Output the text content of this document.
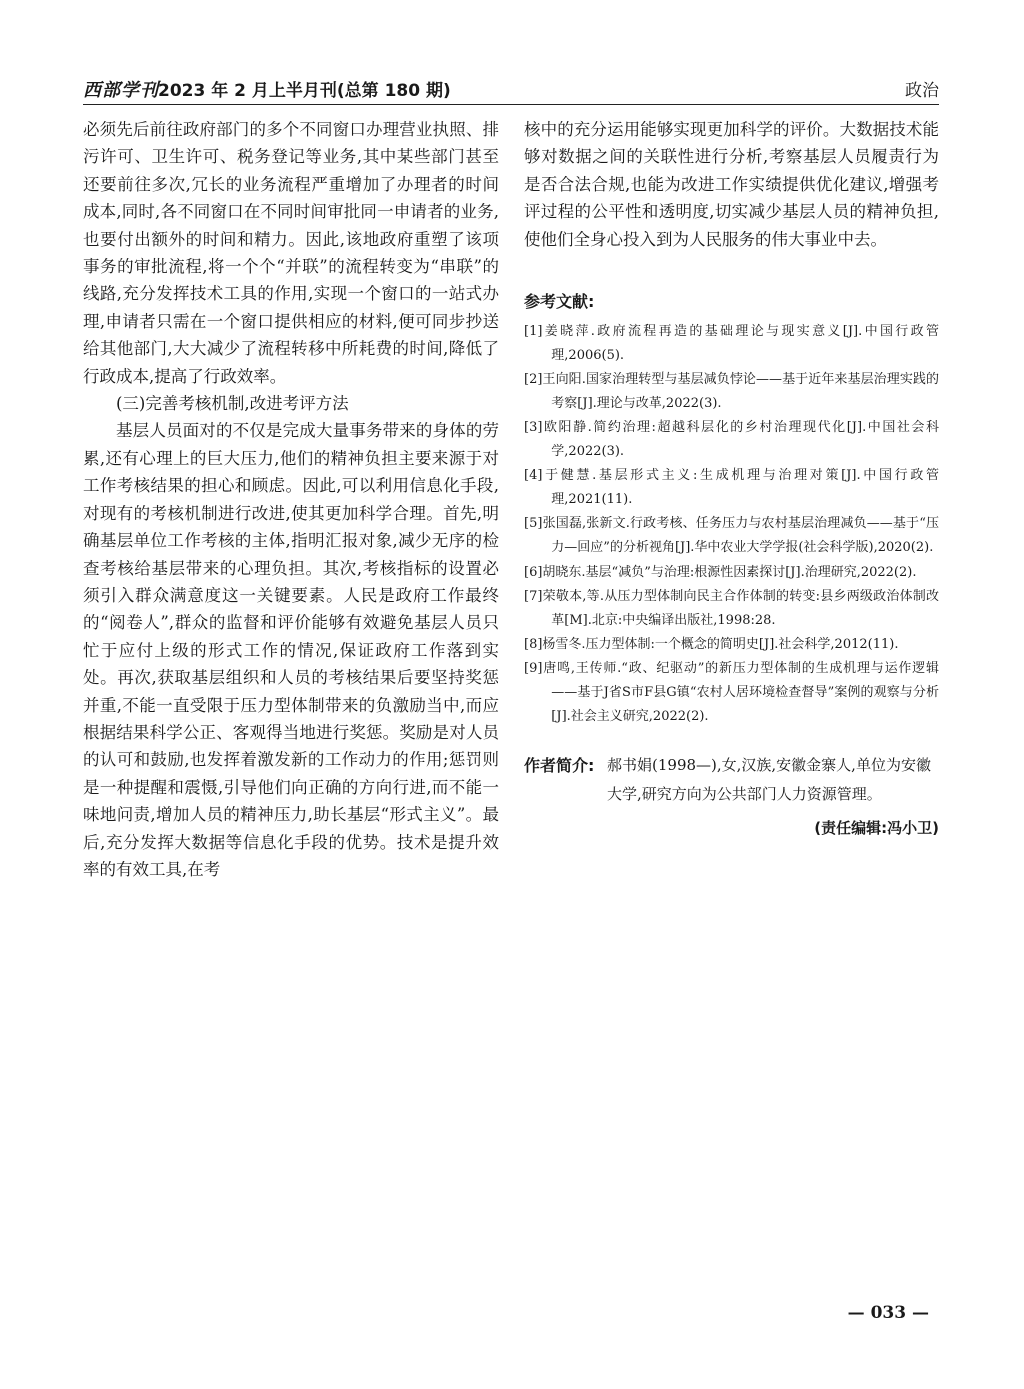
西部学刊 2023 年 2 月上半月刊(总第 180 期)	政治

必须先后前往政府部门的多个不同窗口办理营业执照、排污许可、卫生许可、税务登记等业务,其中某些部门甚至还要前往多次,冗长的业务流程严重增加了办理者的时间成本,同时,各不同窗口在不同时间审批同一申请者的业务,也要付出额外的时间和精力。因此,该地政府重塑了该项事务的审批流程,将一个个“并联”的流程转变为“串联”的线路,充分发挥技术工具的作用,实现一个窗口的一站式办理,申请者只需在一个窗口提供相应的材料,便可同步抄送给其他部门,大大减少了流程转移中所耗费的时间,降低了行政成本,提高了行政效率。

(三)完善考核机制,改进考评方法

基层人员面对的不仅是完成大量事务带来的身体的劳累,还有心理上的巨大压力,他们的精神负担主要来源于对工作考核结果的担心和顾虑。因此,可以利用信息化手段,对现有的考核机制进行改进,使其更加科学合理。首先,明确基层单位工作考核的主体,指明汇报对象,减少无序的检查考核给基层带来的心理负担。其次,考核指标的设置必须引入群众满意度这一关键要素。人民是政府工作最终的“阅卷人”,群众的监督和评价能够有效避免基层人员只忙于应付上级的形式工作的情况,保证政府工作落到实处。再次,获取基层组织和人员的考核结果后要坚持奖惩并重,不能一直受限于压力型体制带来的负激励当中,而应根据结果科学公正、客观得当地进行奖惩。奖励是对人员的认可和鼓励,也发挥着激发新的工作动力的作用;惩罚则是一种提醒和震慑,引导他们向正确的方向行进,而不能一味地问责,增加人员的精神压力,助长基层“形式主义”。最后,充分发挥大数据等信息化手段的优势。技术是提升效率的有效工具,在考

核中的充分运用能够实现更加科学的评价。大数据技术能够对数据之间的关联性进行分析,考察基层人员履责行为是否合法合规,也能为改进工作实绩提供优化建议,增强考评过程的公平性和透明度,切实减少基层人员的精神负担,使他们全身心投入到为人民服务的伟大事业中去。

参考文献:
[1]姜晓萍.政府流程再造的基础理论与现实意义[J].中国行政管理,2006(5).
[2]王向阳.国家治理转型与基层减负悖论——基于近年来基层治理实践的考察[J].理论与改革,2022(3).
[3]欧阳静.简约治理:超越科层化的乡村治理现代化[J].中国社会科学,2022(3).
[4]于健慧.基层形式主义:生成机理与治理对策[J].中国行政管理,2021(11).
[5]张国磊,张新文.行政考核、任务压力与农村基层治理减负——基于“压力—回应”的分析视角[J].华中农业大学学报(社会科学版),2020(2).
[6]胡晓东.基层“减负”与治理:根源性因素探讨[J].治理研究,2022(2).
[7]荣敬本,等.从压力型体制向民主合作体制的转变:县乡两级政治体制改革[M].北京:中央编译出版社,1998:28.
[8]杨雪冬.压力型体制:一个概念的简明史[J].社会科学,2012(11).
[9]唐鸣,王传师.“政、纪驱动”的新压力型体制的生成机理与运作逻辑——基于J省S市F县G镇“农村人居环境检查督导”案例的观察与分析[J].社会主义研究,2022(2).
作者简介: 郝书娟(1998—),女,汉族,安徽金寨人,单位为安徽大学,研究方向为公共部门人力资源管理。
(责任编辑:冯小卫)
— 033 —
